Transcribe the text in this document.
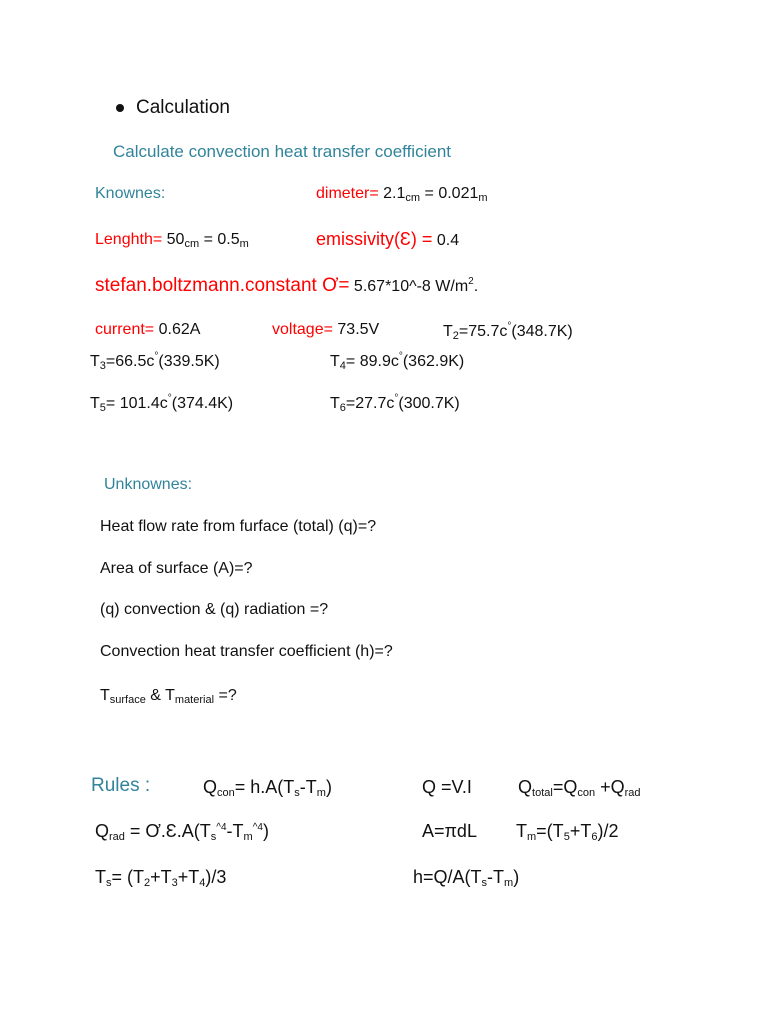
Calculation
Calculate convection heat transfer coefficient
Knownes:	dimeter= 2.1cm = 0.021m
Lenghth= 50cm = 0.5m	emissivity(Ɛ) = 0.4
stefan.boltzmann.constant Ơ= 5.67*10^-8 $W/m^2$.
current= 0.62A	voltage= 73.5V	T2=75.7c°(348.7K)
T3=66.5c°(339.5K)	T4= 89.9c°(362.9K)
T5= 101.4c°(374.4K)	T6=27.7c°(300.7K)
Unknownes:
Heat flow rate from furface (total) (q)=?
Area of surface (A)=?
(q) convection & (q) radiation =?
Convection heat transfer coefficient (h)=?
Tsurface & Tmaterial =?
Rules :	Qcon= h.A(Ts-Tm)	Q =V.I	Qtotal=Qcon +Qrad
Qrad = $Ơ.Ɛ.A(Ts^{\^{}4}-Tm^{\^{}4})$	A=πdL Tm=(T5+T6)/2
Ts= (T2+T3+T4)/3	h=Q/A(Ts-Tm)
